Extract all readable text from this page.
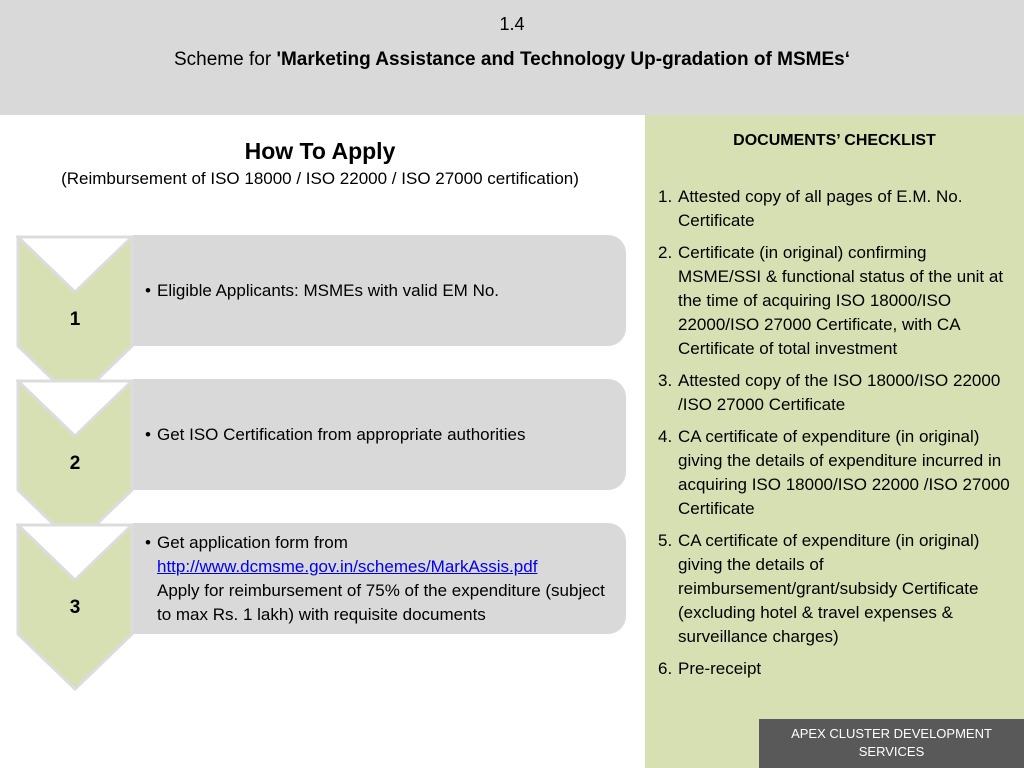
1.4
Scheme for 'Marketing Assistance and Technology Up-gradation of MSMEs‘
How To Apply
(Reimbursement of ISO 18000 / ISO 22000 / ISO 27000 certification)
1
• Eligible Applicants: MSMEs with valid EM No.
2
• Get ISO Certification from appropriate authorities
3
• Get application form from
http://www.dcmsme.gov.in/schemes/MarkAssis.pdf
Apply for reimbursement of 75% of the expenditure (subject to max Rs. 1 lakh) with requisite documents
DOCUMENTS’ CHECKLIST
1. Attested copy of all pages of E.M. No. Certificate
2. Certificate (in original) confirming MSME/SSI & functional status of the unit at the time of acquiring ISO 18000/ISO 22000/ISO 27000 Certificate, with CA Certificate of total investment
3. Attested copy of the ISO 18000/ISO 22000 /ISO 27000 Certificate
4. CA certificate of expenditure (in original) giving the details of expenditure incurred in acquiring ISO 18000/ISO 22000 /ISO 27000 Certificate
5. CA certificate of expenditure (in original) giving the details of reimbursement/grant/subsidy Certificate (excluding hotel & travel expenses & surveillance charges)
6. Pre-receipt
APEX CLUSTER DEVELOPMENT SERVICES
